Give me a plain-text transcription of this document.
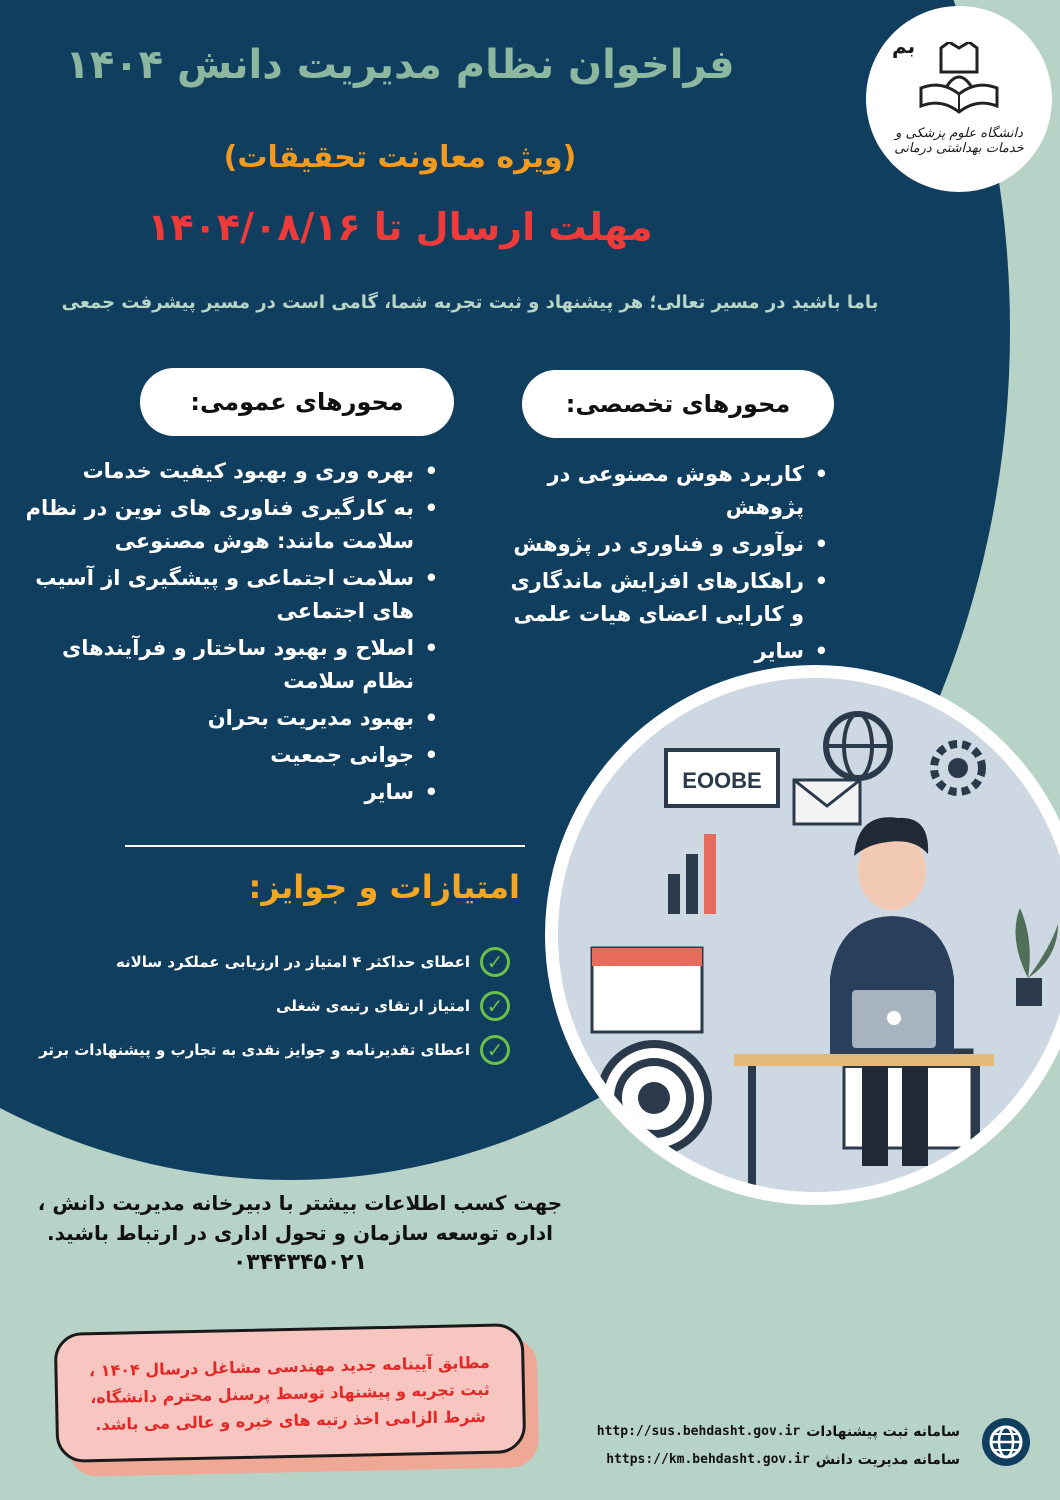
بم
دانشگاه علوم پزشکی و خدمات بهداشتی درمانی
فراخوان نظام مدیریت دانش ۱۴۰۴
(ویژه معاونت تحقیقات)
مهلت ارسال تا ۱۴۰۴/۰۸/۱۶
باما باشید در مسیر تعالی؛ هر پیشنهاد و ثبت تجربه شما، گامی است در مسیر پیشرفت جمعی
محورهای تخصصی:
محورهای عمومی:
• کاربرد هوش مصنوعی در پژوهش
• نوآوری و فناوری در پژوهش
• راهکارهای افزایش ماندگاری و کارایی اعضای هیات علمی
• سایر
• بهره وری و بهبود کیفیت خدمات
• به کارگیری فناوری های نوین در نظام سلامت مانند: هوش مصنوعی
• سلامت اجتماعی و پیشگیری از آسیب های اجتماعی
• اصلاح و بهبود ساختار و فرآیندهای نظام سلامت
• بهبود مدیریت بحران
• جوانی جمعیت
• سایر
امتیازات و جوایز:
✓
اعطای حداکثر ۴ امتیاز در ارزیابی عملکرد سالانه
✓
امتیاز ارتقای رتبه‌ی شغلی
✓
اعطای تقدیرنامه و جوایز نقدی به تجارب و پیشنهادات برتر
EOOBE
جهت کسب اطلاعات بیشتر با دبیرخانه مدیریت دانش ، اداره توسعه سازمان و تحول اداری در ارتباط باشید.
۰۳۴۴۳۴۵۰۲۱
مطابق آیینامه جدید مهندسی مشاغل درسال ۱۴۰۴ ، ثبت تجربه و پیشنهاد توسط پرسنل محترم دانشگاه، شرط الزامی اخذ رتبه های خبره و عالی می باشد.	سامانه ثبت پیشنهادات
http://sus.behdasht.gov.ir
سامانه مدیریت دانش
https://km.behdasht.gov.ir
